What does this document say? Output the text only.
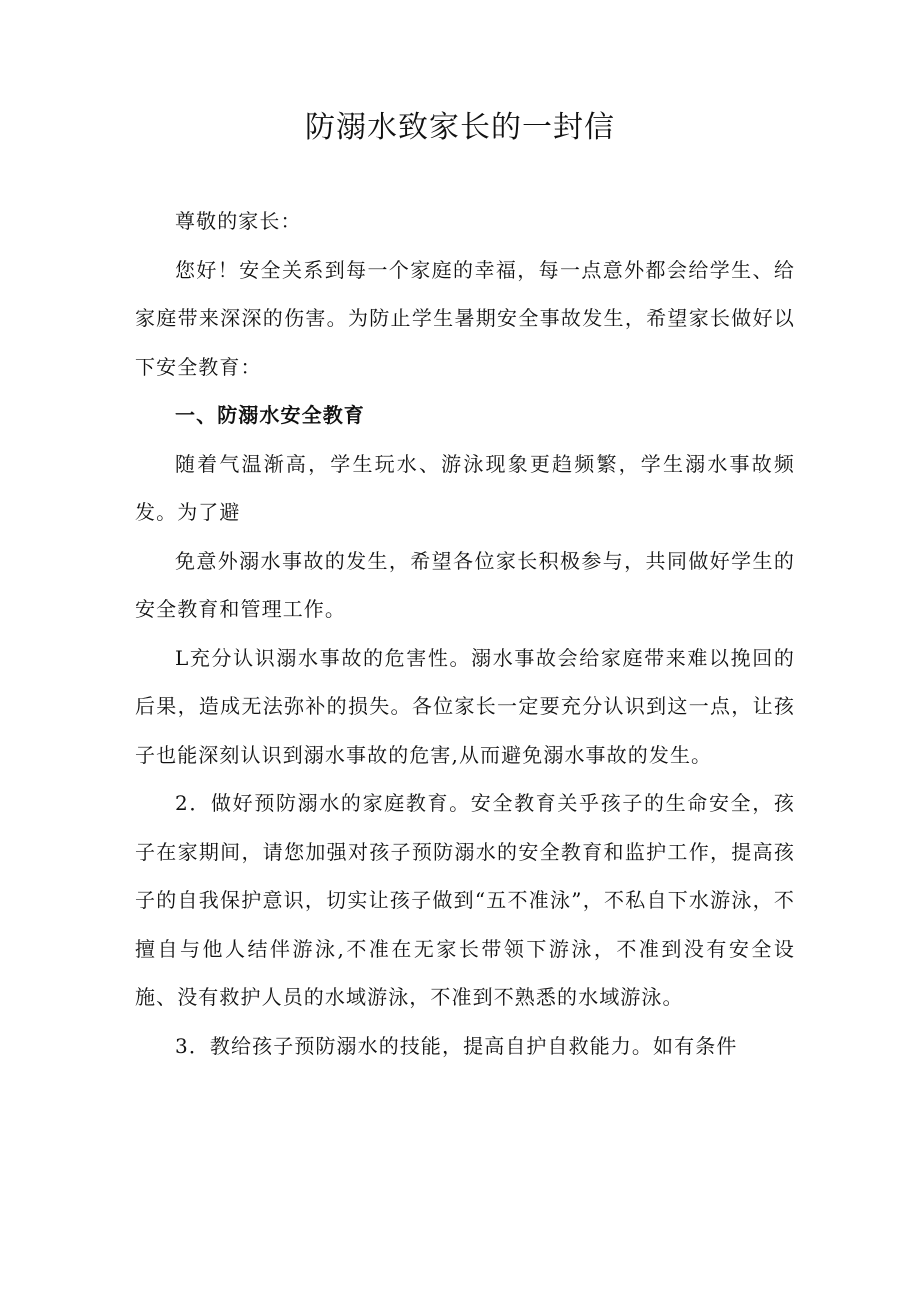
防溺水致家长的一封信

尊敬的家长：

您好！安全关系到每一个家庭的幸福，每一点意外都会给学生、给家庭带来深深的伤害。为防止学生暑期安全事故发生，希望家长做好以下安全教育：

一、防溺水安全教育

随着气温渐高，学生玩水、游泳现象更趋频繁，学生溺水事故频发。为了避

免意外溺水事故的发生，希望各位家长积极参与，共同做好学生的安全教育和管理工作。

L充分认识溺水事故的危害性。溺水事故会给家庭带来难以挽回的后果，造成无法弥补的损失。各位家长一定要充分认识到这一点，让孩子也能深刻认识到溺水事故的危害,从而避免溺水事故的发生。

2．做好预防溺水的家庭教育。安全教育关乎孩子的生命安全，孩子在家期间，请您加强对孩子预防溺水的安全教育和监护工作，提高孩子的自我保护意识，切实让孩子做到“五不准泳”，不私自下水游泳，不擅自与他人结伴游泳,不准在无家长带领下游泳，不准到没有安全设施、没有救护人员的水域游泳，不准到不熟悉的水域游泳。

3．教给孩子预防溺水的技能，提高自护自救能力。如有条件
